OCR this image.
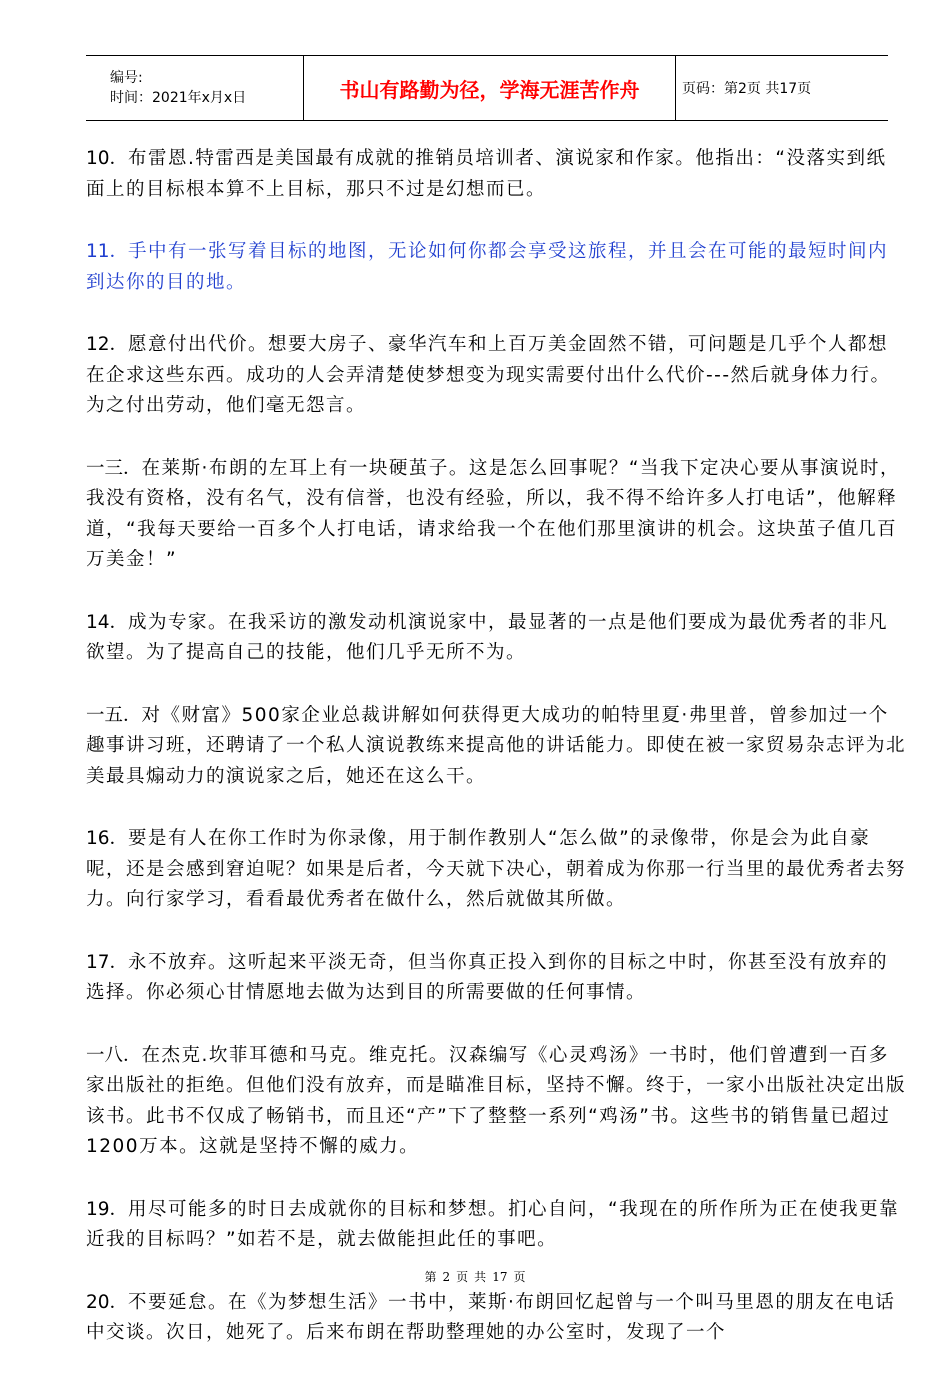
编号:
时间：2021年x月x日	书山有路勤为径，学海无涯苦作舟	页码：第2页 共17页

10．布雷恩.特雷西是美国最有成就的推销员培训者、演说家和作家。他指出：“没落实到纸面上的目标根本算不上目标，那只不过是幻想而已。

11．手中有一张写着目标的地图，无论如何你都会享受这旅程，并且会在可能的最短时间内到达你的目的地。

12．愿意付出代价。想要大房子、豪华汽车和上百万美金固然不错，可问题是几乎个人都想在企求这些东西。成功的人会弄清楚使梦想变为现实需要付出什么代价---然后就身体力行。为之付出劳动，他们毫无怨言。

一三．在莱斯·布朗的左耳上有一块硬茧子。这是怎么回事呢？“当我下定决心要从事演说时，我没有资格，没有名气，没有信誉，也没有经验，所以，我不得不给许多人打电话”，他解释道，“我每天要给一百多个人打电话，请求给我一个在他们那里演讲的机会。这块茧子值几百万美金！”

14．成为专家。在我采访的激发动机演说家中，最显著的一点是他们要成为最优秀者的非凡欲望。为了提高自己的技能，他们几乎无所不为。

一五．对《财富》500家企业总裁讲解如何获得更大成功的帕特里夏·弗里普，曾参加过一个趣事讲习班，还聘请了一个私人演说教练来提高他的讲话能力。即使在被一家贸易杂志评为北美最具煽动力的演说家之后，她还在这么干。

16．要是有人在你工作时为你录像，用于制作教别人“怎么做”的录像带，你是会为此自豪呢，还是会感到窘迫呢？如果是后者，今天就下决心，朝着成为你那一行当里的最优秀者去努力。向行家学习，看看最优秀者在做什么，然后就做其所做。

17．永不放弃。这听起来平淡无奇，但当你真正投入到你的目标之中时，你甚至没有放弃的选择。你必须心甘情愿地去做为达到目的所需要做的任何事情。

一八．在杰克.坎菲耳德和马克。维克托。汉森编写《心灵鸡汤》一书时，他们曾遭到一百多家出版社的拒绝。但他们没有放弃，而是瞄准目标，坚持不懈。终于，一家小出版社决定出版该书。此书不仅成了畅销书，而且还“产”下了整整一系列“鸡汤”书。这些书的销售量已超过1200万本。这就是坚持不懈的威力。

19．用尽可能多的时日去成就你的目标和梦想。扪心自问，“我现在的所作所为正在使我更靠近我的目标吗？”如若不是，就去做能担此任的事吧。

20．不要延怠。在《为梦想生活》一书中，莱斯·布朗回忆起曾与一个叫马里恩的朋友在电话中交谈。次日，她死了。后来布朗在帮助整理她的办公室时，发现了一个

第 2 页 共 17 页
